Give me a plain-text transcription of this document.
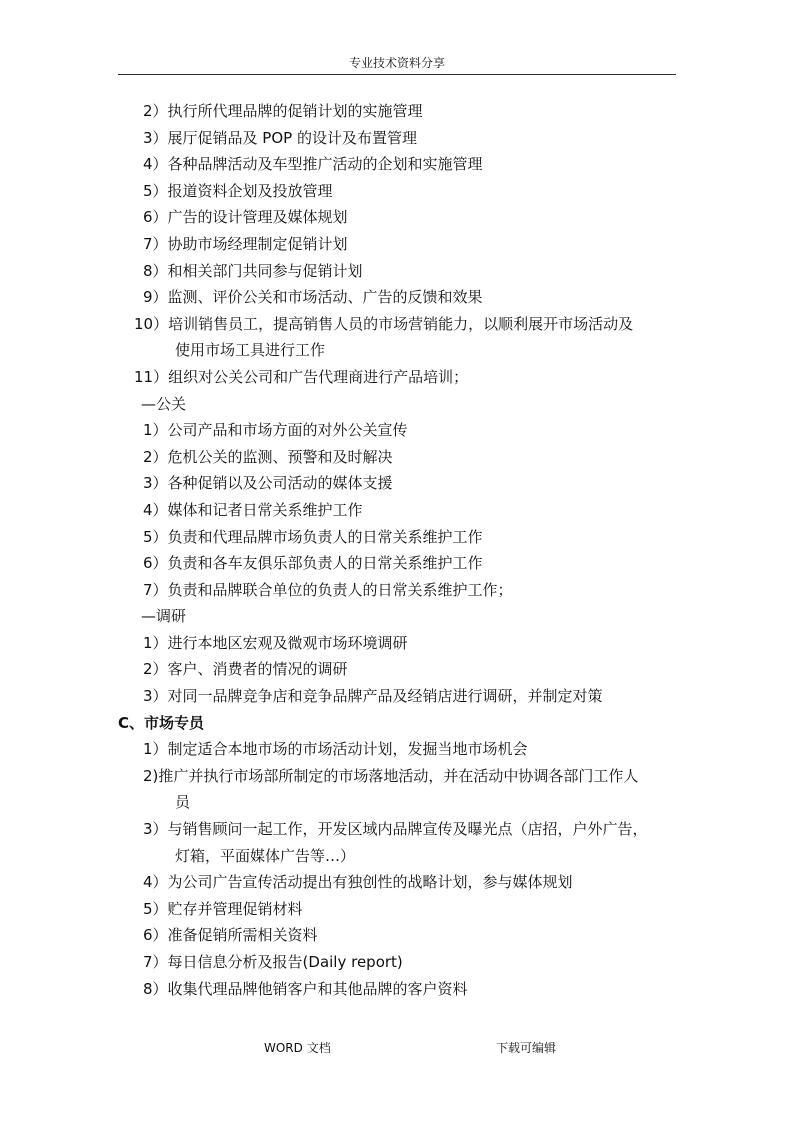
专业技术资料分享
2）执行所代理品牌的促销计划的实施管理
3）展厅促销品及 POP 的设计及布置管理
4）各种品牌活动及车型推广活动的企划和实施管理
5）报道资料企划及投放管理
6）广告的设计管理及媒体规划
7）协助市场经理制定促销计划
8）和相关部门共同参与促销计划
9）监测、评价公关和市场活动、广告的反馈和效果
10）培训销售员工，提高销售人员的市场营销能力，以顺利展开市场活动及
使用市场工具进行工作
11）组织对公关公司和广告代理商进行产品培训；
—公关
1）公司产品和市场方面的对外公关宣传
2）危机公关的监测、预警和及时解决
3）各种促销以及公司活动的媒体支援
4）媒体和记者日常关系维护工作
5）负责和代理品牌市场负责人的日常关系维护工作
6）负责和各车友俱乐部负责人的日常关系维护工作
7）负责和品牌联合单位的负责人的日常关系维护工作；
—调研
1）进行本地区宏观及微观市场环境调研
2）客户、消费者的情况的调研
3）对同一品牌竞争店和竞争品牌产品及经销店进行调研，并制定对策
C、市场专员
1）制定适合本地市场的市场活动计划，发掘当地市场机会
2)推广并执行市场部所制定的市场落地活动，并在活动中协调各部门工作人
员
3）与销售顾问一起工作，开发区域内品牌宣传及曝光点（店招，户外广告，
灯箱，平面媒体广告等…）
4）为公司广告宣传活动提出有独创性的战略计划，参与媒体规划
5）贮存并管理促销材料
6）准备促销所需相关资料
7）每日信息分析及报告(Daily report)
8）收集代理品牌他销客户和其他品牌的客户资料
WORD 文档	下载可编辑
